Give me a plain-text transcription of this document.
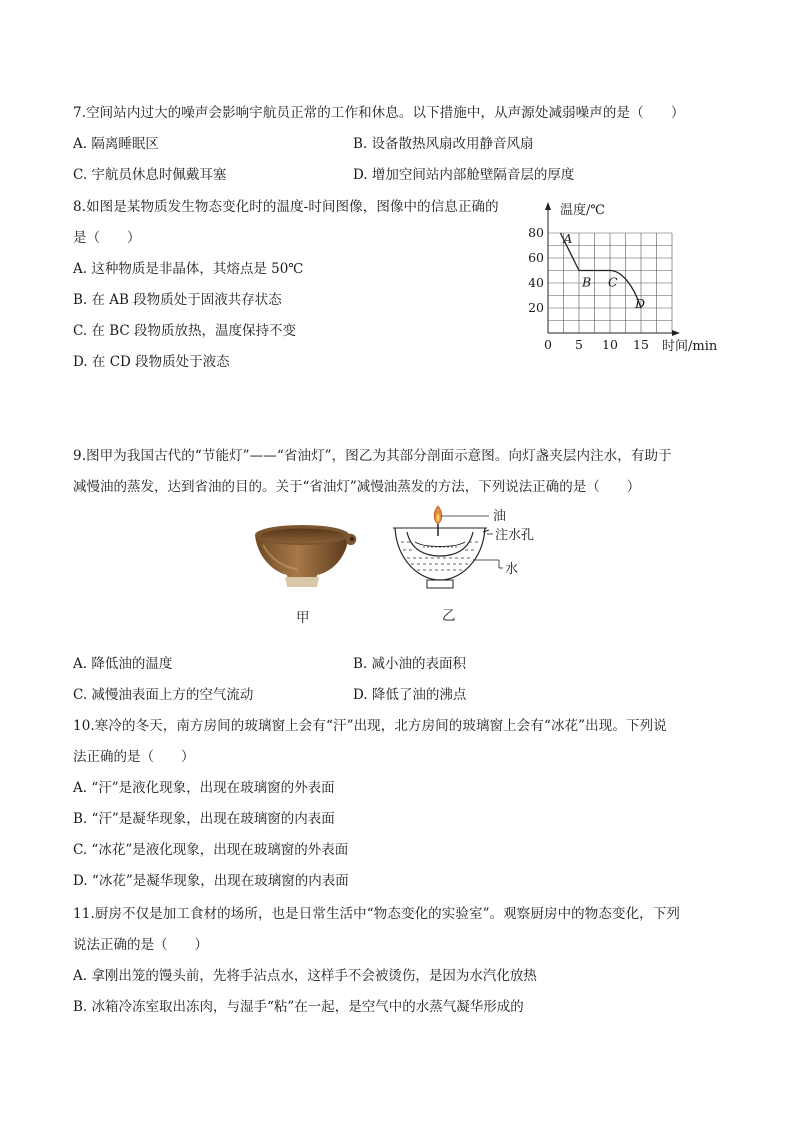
7.空间站内过大的噪声会影响宇航员正常的工作和休息。以下措施中，从声源处减弱噪声的是（　　）
A. 隔离睡眠区	B. 设备散热风扇改用静音风扇
C. 宇航员休息时佩戴耳塞	D. 增加空间站内部舱壁隔音层的厚度
8.如图是某物质发生物态变化时的温度-时间图像，图像中的信息正确的
是（　　）
A. 这种物质是非晶体，其熔点是 50℃
B. 在 AB 段物质处于固液共存状态
C. 在 BC 段物质放热，温度保持不变
D. 在 CD 段物质处于液态
20
40
60
80
0 5 10 15
A
B C
D
温度/℃
时间/min
9.图甲为我国古代的“节能灯”——“省油灯”，图乙为其部分剖面示意图。向灯盏夹层内注水，有助于
减慢油的蒸发，达到省油的目的。关于“省油灯”减慢油蒸发的方法，下列说法正确的是（　　）
甲
油
注水孔
水
乙
A. 降低油的温度	B. 减小油的表面积
C. 减慢油表面上方的空气流动	D. 降低了油的沸点
10.寒冷的冬天，南方房间的玻璃窗上会有“汗”出现，北方房间的玻璃窗上会有“冰花”出现。下列说
法正确的是（　　）
A. “汗”是液化现象，出现在玻璃窗的外表面
B. “汗”是凝华现象，出现在玻璃窗的内表面
C. “冰花”是液化现象，出现在玻璃窗的外表面
D. “冰花”是凝华现象，出现在玻璃窗的内表面
11.厨房不仅是加工食材的场所，也是日常生活中“物态变化的实验室”。观察厨房中的物态变化，下列
说法正确的是（　　）
A. 拿刚出笼的馒头前，先将手沾点水，这样手不会被烫伤，是因为水汽化放热
B. 冰箱冷冻室取出冻肉，与湿手“粘”在一起，是空气中的水蒸气凝华形成的
